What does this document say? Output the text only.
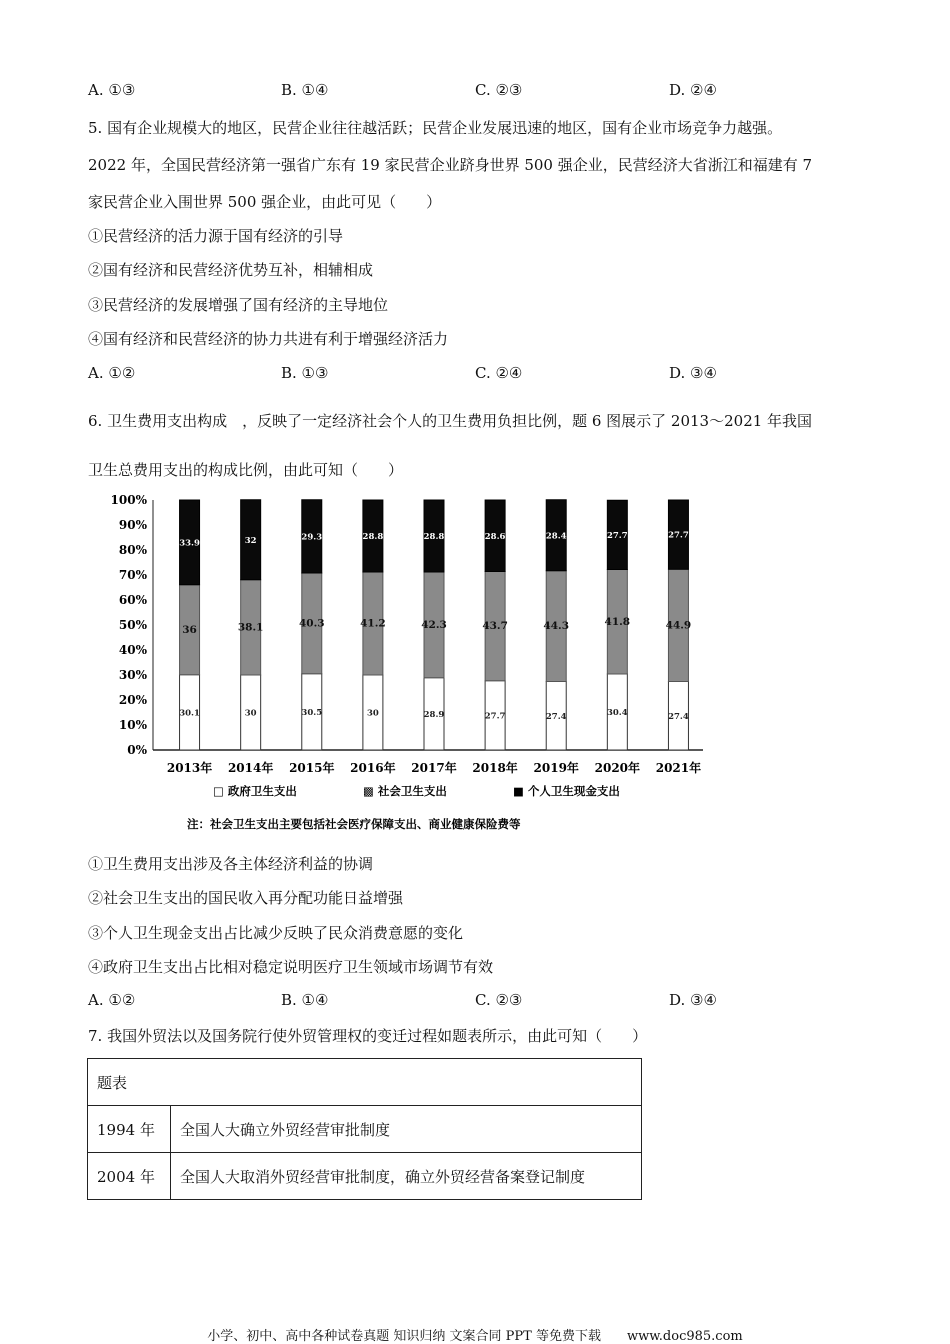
A. ①③	B. ①④	C. ②③	D. ②④
5. 国有企业规模大的地区，民营企业往往越活跃；民营企业发展迅速的地区，国有企业市场竞争力越强。
2022 年，全国民营经济第一强省广东有 19 家民营企业跻身世界 500 强企业，民营经济大省浙江和福建有 7
家民营企业入围世界 500 强企业，由此可见（　　）
①民营经济的活力源于国有经济的引导
②国有经济和民营经济优势互补，相辅相成
③民营经济的发展增强了国有经济的主导地位
④国有经济和民营经济的协力共进有利于增强经济活力
A. ①②	B. ①③	C. ②④	D. ③④
6. 卫生费用支出构成　，反映了一定经济社会个人的卫生费用负担比例，题 6 图展示了 2013～2021 年我国
卫生总费用支出的构成比例，由此可知（　　）
0%
10%
20%
30%
40%
50%
60%
70%
80%
90%
100%
30.1
36
33.9
30
38.1
32
30.5
40.3
29.3
30
41.2
28.8
28.9
42.3
28.8
27.7
43.7
28.6
27.4
44.3
28.4
30.4
41.8
27.7
27.4
44.9
27.7
2013年 2014年 2015年 2016年 2017年 2018年 2019年 2020年 2021年
□ 政府卫生支出	▩ 社会卫生支出	■ 个人卫生现金支出
注：社会卫生支出主要包括社会医疗保障支出、商业健康保险费等
①卫生费用支出涉及各主体经济利益的协调
②社会卫生支出的国民收入再分配功能日益增强
③个人卫生现金支出占比减少反映了民众消费意愿的变化
④政府卫生支出占比相对稳定说明医疗卫生领域市场调节有效
A. ①②	B. ①④	C. ②③	D. ③④
7. 我国外贸法以及国务院行使外贸管理权的变迁过程如题表所示，由此可知（　　）
题表	
1994 年	全国人大确立外贸经营审批制度
2004 年	全国人大取消外贸经营审批制度，确立外贸经营备案登记制度
小学、初中、高中各种试卷真题 知识归纳 文案合同 PPT 等免费下载　　www.doc985.com
